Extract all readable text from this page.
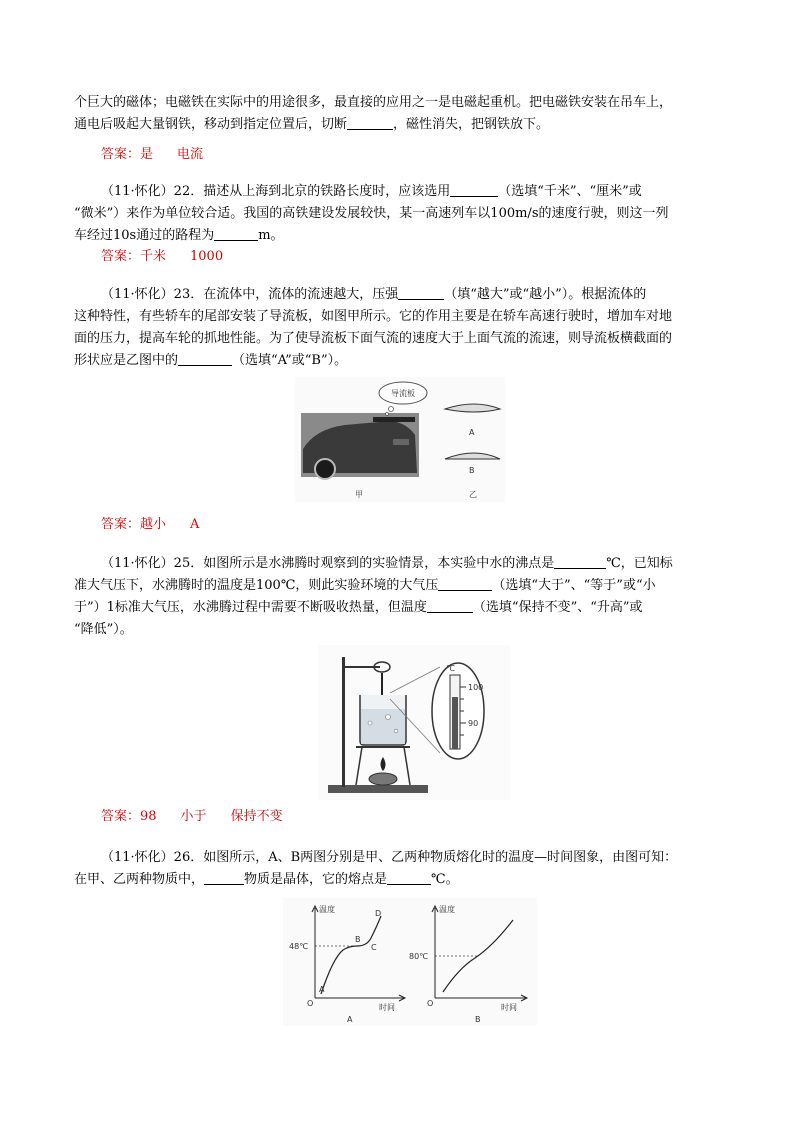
个巨大的磁体；电磁铁在实际中的用途很多，最直接的应用之一是电磁起重机。把电磁铁安装在吊车上，
通电后吸起大量钢铁，移动到指定位置后，切断	，磁性消失，把钢铁放下。
答案：是 电流
（11·怀化）22．描述从上海到北京的铁路长度时，应该选用	（选填“千米”、“厘米”或
“微米”）来作为单位较合适。我国的高铁建设发展较快，某一高速列车以100m/s的速度行驶，则这一列
车经过10s通过的路程为	m。
答案：千米 1000
（11·怀化）23．在流体中，流体的流速越大，压强	（填“越大”或“越小”）。根据流体的
这种特性，有些轿车的尾部安装了导流板，如图甲所示。它的作用主要是在轿车高速行驶时，增加车对地
面的压力，提高车轮的抓地性能。为了使导流板下面气流的速度大于上面气流的流速，则导流板横截面的
形状应是乙图中的	（选填“A”或“B”）。
导流板
A
B
甲	乙
答案：越小 A
（11·怀化）25．如图所示是水沸腾时观察到的实验情景，本实验中水的沸点是	℃，已知标
准大气压下，水沸腾时的温度是100℃，则此实验环境的大气压	（选填“大于”、“等于”或“小
于”）1标准大气压，水沸腾过程中需要不断吸收热量，但温度	（选填“保持不变”、“升高”或
“降低”）。
℃
100
90
答案：98 小于 保持不变
（11·怀化）26．如图所示，A、B两图分别是甲、乙两种物质熔化时的温度—时间图象，由图可知：
在甲、乙两种物质中，	物质是晶体，它的熔点是	℃。
温度
48℃
O
A
B
C
D
时间
A
温度
80℃
O	时间
B
